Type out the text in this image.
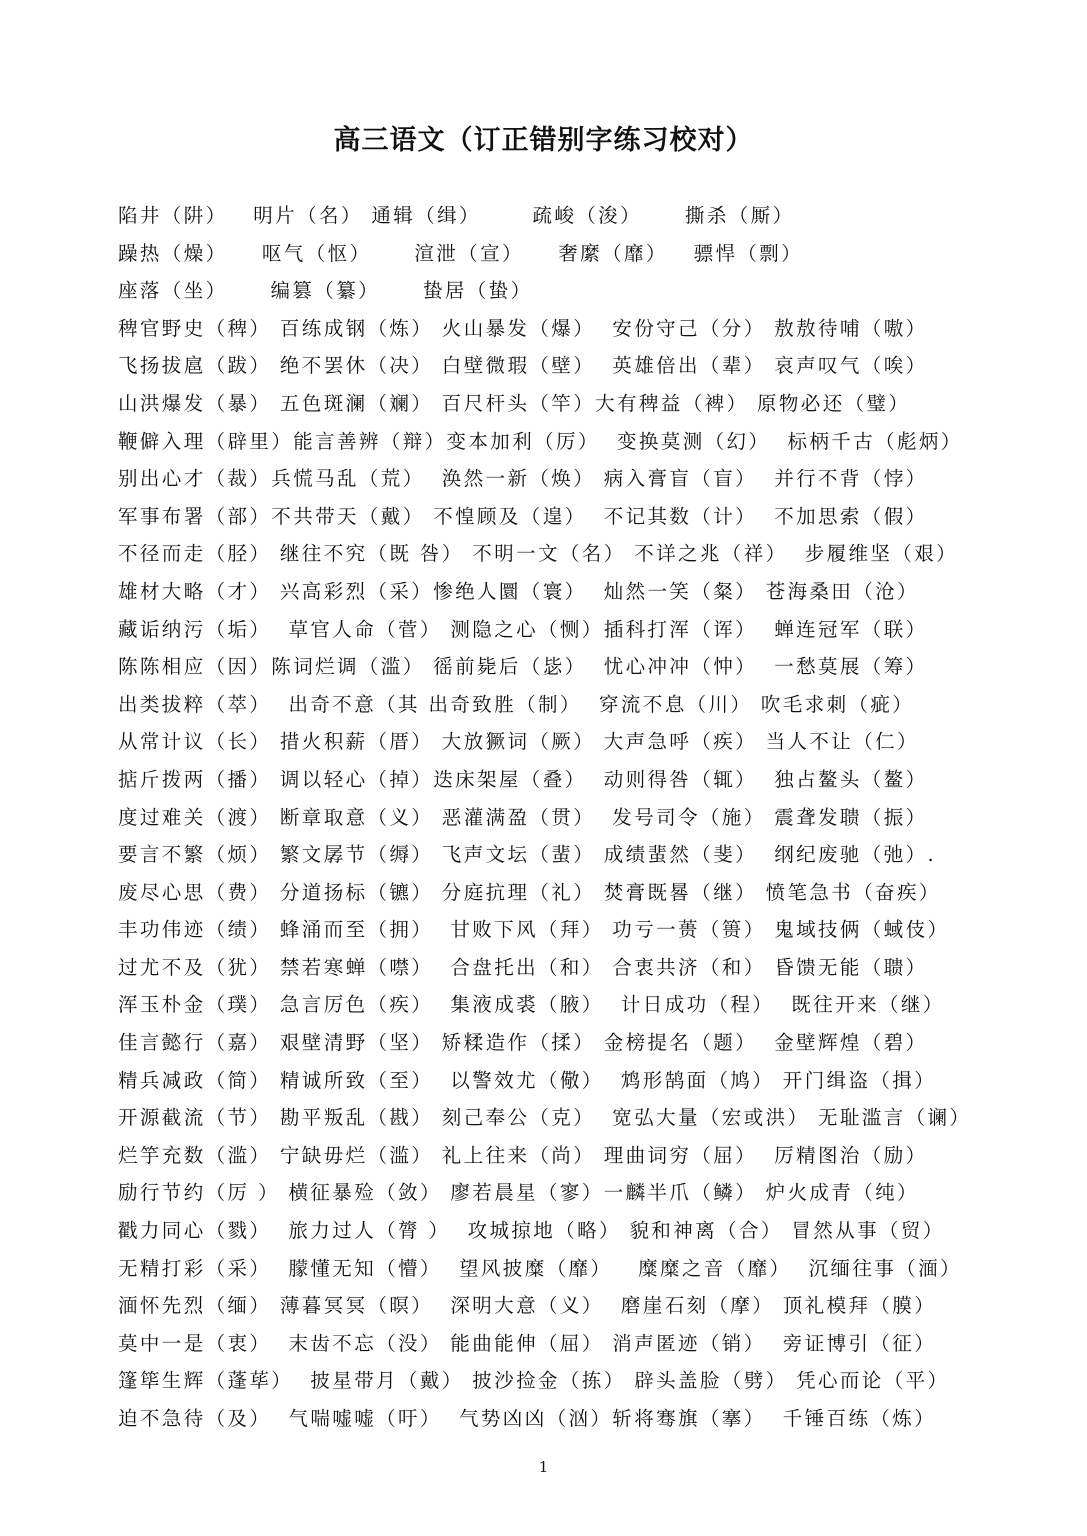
高三语文（订正错别字练习校对）
陷井（阱）   明片（名） 通辑（缉）      疏峻（浚）     撕杀（厮）
躁热（燥）    呕气（怄）     渲泄（宣）    奢縻（靡）   骠悍（剽）
座落（坐）     编篡（纂）     蛰居（蛰）
稗官野史（稗） 百练成钢（炼） 火山暴发（爆）  安份守己（分） 敖敖待哺（嗷）
飞扬拔扈（跋） 绝不罢休（决） 白壁微瑕（壁）  英雄倍出（辈） 哀声叹气（唉）
山洪爆发（暴） 五色斑澜（斓） 百尺杆头（竿）大有稗益（裨） 原物必还（璧）
鞭僻入理（辟里）能言善辨（辩）变本加利（厉）  变换莫测（幻）  标柄千古（彪炳）
别出心才（裁）兵慌马乱（荒）  涣然一新（焕） 病入膏盲（盲）  并行不背（悖）
军事布署（部）不共带天（戴） 不惶顾及（遑）  不记其数（计）  不加思索（假）
不径而走（胫） 继往不究（既 咎） 不明一文（名） 不详之兆（祥）  步履维坚（艰）
雄材大略（才） 兴高彩烈（采）惨绝人圜（寰）  灿然一笑（粲） 苍海桑田（沧）
藏诟纳污（垢）  草官人命（菅） 测隐之心（恻）插科打浑（诨）  蝉连冠军（联）
陈陈相应（因）陈词烂调（滥） 徭前毙后（毖）  忧心冲冲（忡）  一愁莫展（筹）
出类拔粹（萃）  出奇不意（其 出奇致胜（制）  穿流不息（川） 吹毛求刺（疵）
从常计议（长） 措火积薪（厝） 大放獗词（厥） 大声急呼（疾） 当人不让（仁）
掂斤拨两（播） 调以轻心（掉）迭床架屋（叠）  动则得咎（辄）  独占鳌头（鳌）
度过难关（渡） 断章取意（义） 恶灌满盈（贯）  发号司令（施） 震聋发聩（振）
要言不繁（烦） 繁文孱节（缛） 飞声文坛（蜚） 成绩蜚然（斐）  纲纪废驰（弛）.
废尽心思（费） 分道扬标（镳） 分庭抗理（礼） 焚膏既晷（继） 愤笔急书（奋疾）
丰功伟迹（绩） 蜂涌而至（拥）  甘败下风（拜） 功亏一蒉（篑） 鬼域技俩（蜮伎）
过尤不及（犹） 禁若寒蝉（噤）  合盘托出（和） 合衷共济（和） 昏馈无能（聩）
浑玉朴金（璞） 急言厉色（疾）  集液成裘（腋）  计日成功（程）  既往开来（继）
佳言懿行（嘉） 艰壁清野（坚） 矫糅造作（揉） 金榜提名（题）  金壁辉煌（碧）
精兵减政（简） 精诚所致（至）  以警效尤（儆）  鸩形鹄面（鸠） 开门缉盗（揖）
开源截流（节） 勘平叛乱（戡） 刻己奉公（克）  宽弘大量（宏或洪） 无耻滥言（谰）
烂竽充数（滥） 宁缺毋烂（滥） 礼上往来（尚） 理曲词穷（屈）  厉精图治（励）
励行节约（厉 ） 横征暴殓（敛） 廖若晨星（寥）一麟半爪（鳞） 炉火成青（纯）
戳力同心（戮）  旅力过人（膂 ）  攻城掠地（略） 貌和神离（合） 冒然从事（贸）
无精打彩（采）  朦懂无知（懵）  望风披糜（靡）   糜糜之音（靡）  沉缅往事（湎）
湎怀先烈（缅） 薄暮冥冥（暝）  深明大意（义）  磨崖石刻（摩） 顶礼模拜（膜）
莫中一是（衷）  末齿不忘（没） 能曲能伸（屈） 消声匿迹（销）  旁证博引（征）
篷筚生辉（蓬荜）  披星带月（戴） 披沙捡金（拣） 辟头盖脸（劈） 凭心而论（平）
迫不急待（及）  气喘嘘嘘（吁）  气势凶凶（汹）斩将骞旗（搴）  千锤百练（炼）
1
